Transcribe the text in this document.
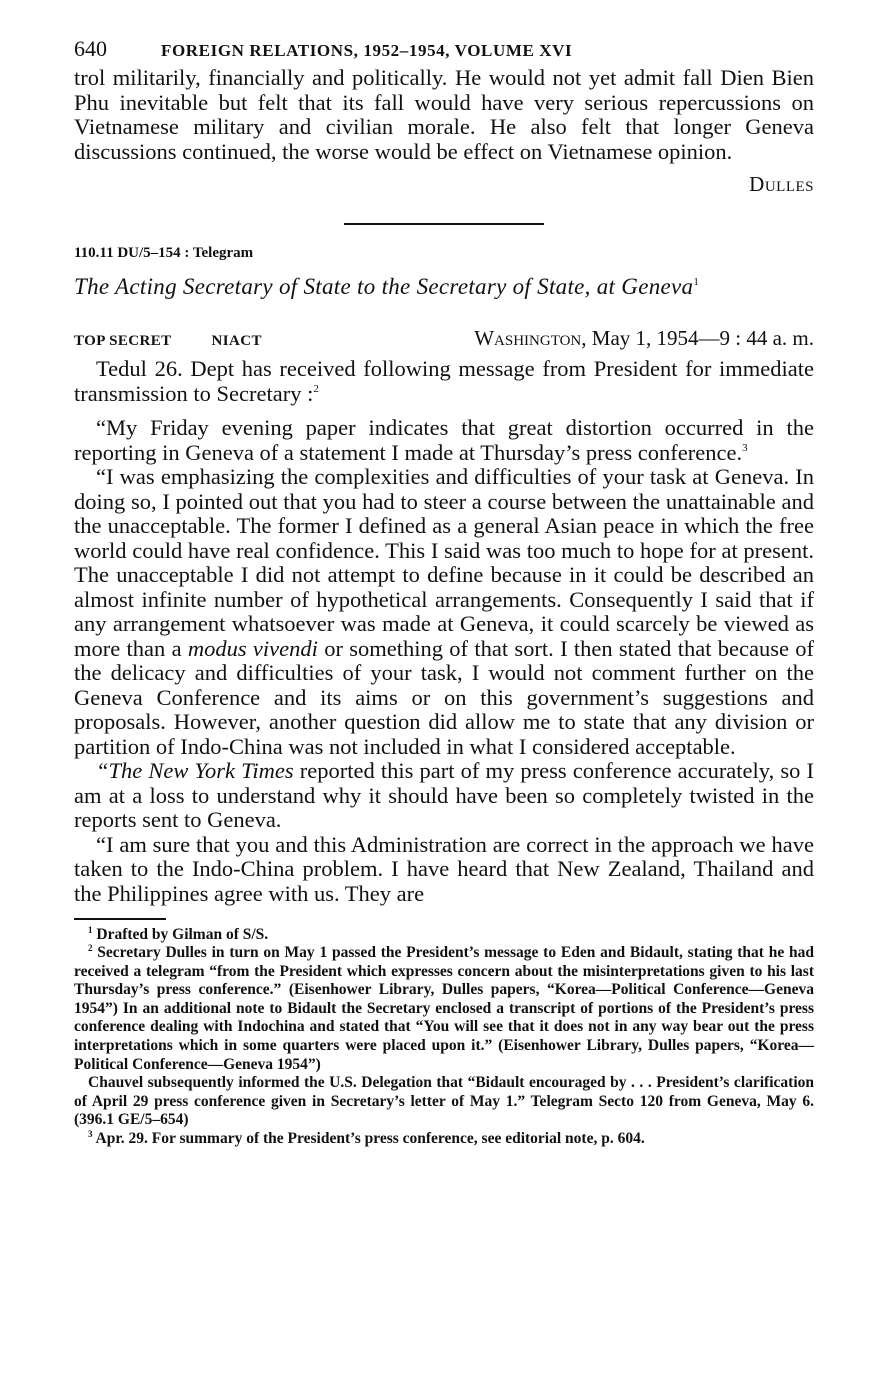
640	FOREIGN RELATIONS, 1952–1954, VOLUME XVI

trol militarily, financially and politically. He would not yet admit fall Dien Bien Phu inevitable but felt that its fall would have very serious repercussions on Vietnamese military and civilian morale. He also felt that longer Geneva discussions continued, the worse would be effect on Vietnamese opinion.

Dulles
110.11 DU/5–154 : Telegram
The Acting Secretary of State to the Secretary of State, at Geneva$^1$
TOP SECRET	NIACT	Washington, May 1, 1954—9 : 44 a. m.

Tedul 26. Dept has received following message from President for immediate transmission to Secretary :$^2$

“My Friday evening paper indicates that great distortion occurred in the reporting in Geneva of a statement I made at Thursday’s press conference.$^3$

“I was emphasizing the complexities and difficulties of your task at Geneva. In doing so, I pointed out that you had to steer a course between the unattainable and the unacceptable. The former I defined as a general Asian peace in which the free world could have real confidence. This I said was too much to hope for at present. The unacceptable I did not attempt to define because in it could be described an almost infinite number of hypothetical arrangements. Consequently I said that if any arrangement whatsoever was made at Geneva, it could scarcely be viewed as more than a modus vivendi or something of that sort. I then stated that because of the delicacy and difficulties of your task, I would not comment further on the Geneva Conference and its aims or on this government’s suggestions and proposals. However, another question did allow me to state that any division or partition of Indo-China was not included in what I considered acceptable.

“The New York Times reported this part of my press conference accurately, so I am at a loss to understand why it should have been so completely twisted in the reports sent to Geneva.

“I am sure that you and this Administration are correct in the approach we have taken to the Indo-China problem. I have heard that New Zealand, Thailand and the Philippines agree with us. They are

$^1$ Drafted by Gilman of S/S.

$^2$ Secretary Dulles in turn on May 1 passed the President’s message to Eden and Bidault, stating that he had received a telegram “from the President which expresses concern about the misinterpretations given to his last Thursday’s press conference.” (Eisenhower Library, Dulles papers, “Korea—Political Conference—Geneva 1954”) In an additional note to Bidault the Secretary enclosed a transcript of portions of the President’s press conference dealing with Indochina and stated that “You will see that it does not in any way bear out the press interpretations which in some quarters were placed upon it.” (Eisenhower Library, Dulles papers, “Korea—Political Conference—Geneva 1954”)

Chauvel subsequently informed the U.S. Delegation that “Bidault encouraged by . . . President’s clarification of April 29 press conference given in Secretary’s letter of May 1.” Telegram Secto 120 from Geneva, May 6. (396.1 GE/5–654)

$^3$ Apr. 29. For summary of the President’s press conference, see editorial note, p. 604.
